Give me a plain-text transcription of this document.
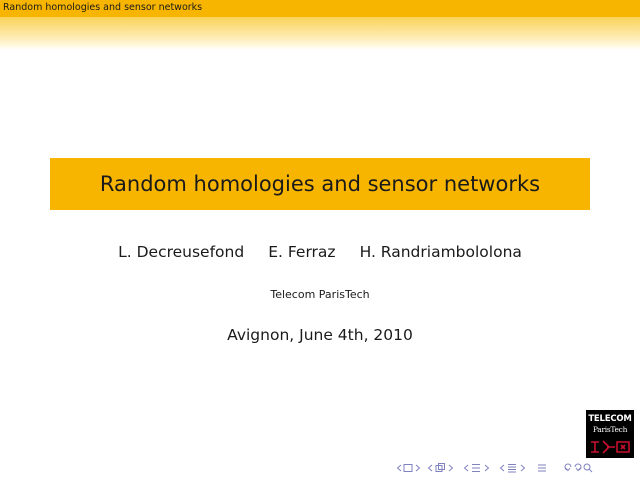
Random homologies and sensor networks
Random homologies and sensor networks
L. Decreusefond E. Ferraz H. Randriambololona
Telecom ParisTech
Avignon, June 4th, 2010
TELECOM
ParisTech
